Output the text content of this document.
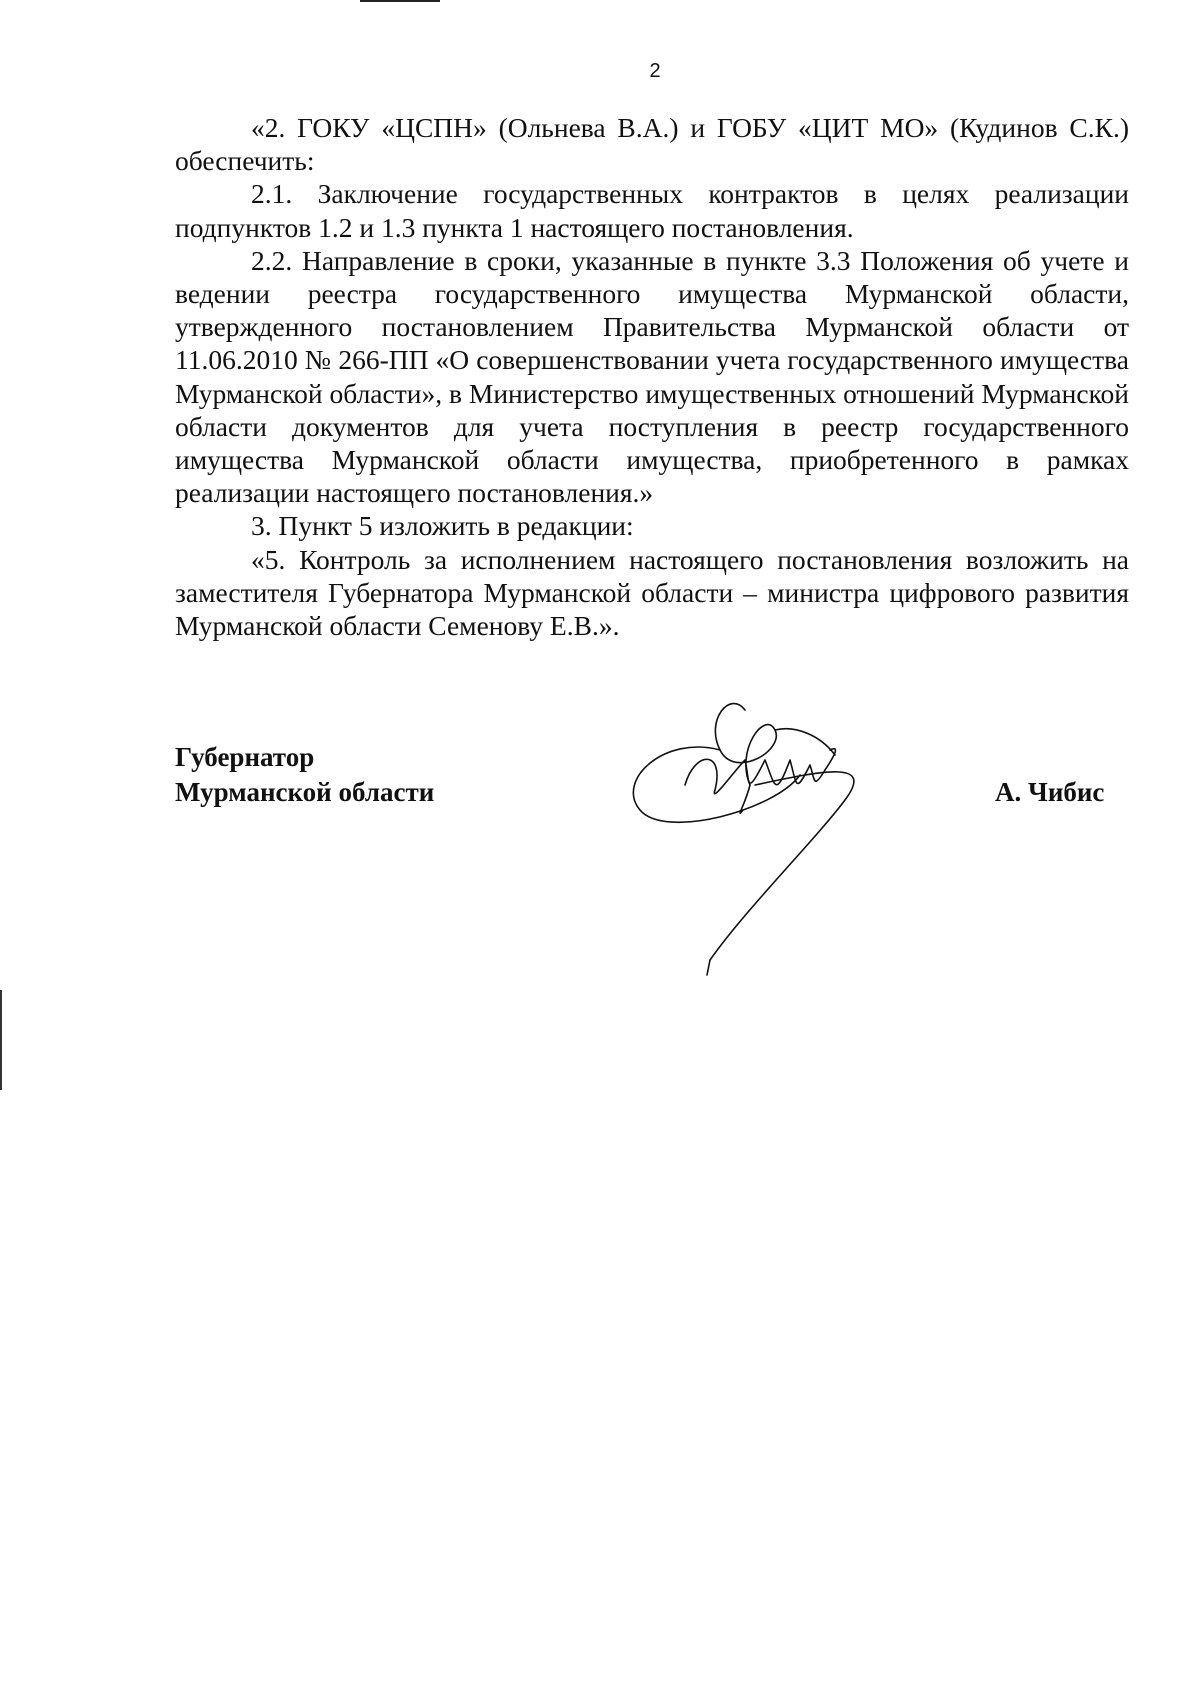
2

«2. ГОКУ «ЦСПН» (Ольнева В.А.) и ГОБУ «ЦИТ МО» (Кудинов С.К.) обеспечить:

2.1. Заключение государственных контрактов в целях реализации подпунктов 1.2 и 1.3 пункта 1 настоящего постановления.

2.2. Направление в сроки, указанные в пункте 3.3 Положения об учете и ведении реестра государственного имущества Мурманской области, утвержденного постановлением Правительства Мурманской области от 11.06.2010 № 266-ПП «О совершенствовании учета государственного имущества Мурманской области», в Министерство имущественных отношений Мурманской области документов для учета поступления в реестр государственного имущества Мурманской области имущества, приобретенного в рамках реализации настоящего постановления.»

3. Пункт 5 изложить в редакции:

«5. Контроль за исполнением настоящего постановления возложить на заместителя Губернатора Мурманской области – министра цифрового развития Мурманской области Семенову Е.В.».

Губернатор
Мурманской области	А. Чибис
